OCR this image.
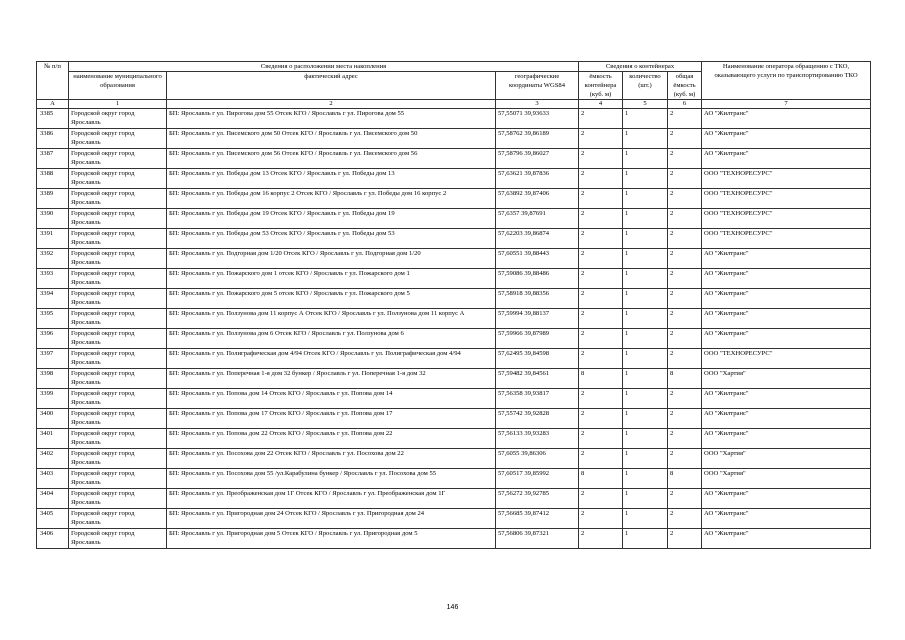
№ п/п	Сведения о расположении места накопления			Сведения о контейнерах			Наименование оператора обращению с ТКО, оказывающего услуги по транспортированию ТКО
	наименование муниципального образования	фактический адрес	географические координаты WGS84	ёмкость контейнера (куб. м)	количество (шт.)	общая ёмкость (куб. м)	
А	1	2	3	4	5	6	7
3385	Городской округ город Ярославль	БП: Ярославль г ул. Пирогова дом 55 Отсек КГО / Ярославль г ул. Пирогова дом 55	57,55071 39,93633	2	1	2	АО "Жилтранс"
3386	Городской округ город Ярославль	БП: Ярославль г ул. Писемского дом 50 Отсек КГО / Ярославль г ул. Писемского дом 50	57,58762 39,86189	2	1	2	АО "Жилтранс"
3387	Городской округ город Ярославль	БП: Ярославль г ул. Писемского дом 56 Отсек КГО / Ярославль г ул. Писемского дом 56	57,58796 39,86027	2	1	2	АО "Жилтранс"
3388	Городской округ город Ярославль	БП: Ярославль г ул. Победы дом 13 Отсек КГО / Ярославль г ул. Победы дом 13	57,63621 39,87836	2	1	2	ООО "ТЕХНОРЕСУРС"
3389	Городской округ город Ярославль	БП: Ярославль г ул. Победы дом 16 корпус 2 Отсек КГО / Ярославль г ул. Победы дом 16 корпус 2	57,63892 39,87406	2	1	2	ООО "ТЕХНОРЕСУРС"
3390	Городской округ город Ярославль	БП: Ярославль г ул. Победы дом 19 Отсек КГО / Ярославль г ул. Победы дом 19	57,6357 39,87691	2	1	2	ООО "ТЕХНОРЕСУРС"
3391	Городской округ город Ярославль	БП: Ярославль г ул. Победы дом 53 Отсек КГО / Ярославль г ул. Победы дом 53	57,62203 39,86874	2	1	2	ООО "ТЕХНОРЕСУРС"
3392	Городской округ город Ярославль	БП: Ярославль г ул. Подгорная дом 1/20 Отсек КГО / Ярославль г ул. Подгорная дом 1/20	57,60551 39,88443	2	1	2	АО "Жилтранс"
3393	Городской округ город Ярославль	БП: Ярославль г ул. Пожарского дом 1 отсек КГО / Ярославль г ул. Пожарского дом 1	57,59086 39,88486	2	1	2	АО "Жилтранс"
3394	Городской округ город Ярославль	БП: Ярославль г ул. Пожарского дом 5 отсек КГО / Ярославль г ул. Пожарского дом 5	57,58918 39,88356	2	1	2	АО "Жилтранс"
3395	Городской округ город Ярославль	БП: Ярославль г ул. Ползунова дом 11 корпус А Отсек КГО / Ярославль г ул. Ползунова дом 11 корпус А	57,59994 39,88137	2	1	2	АО "Жилтранс"
3396	Городской округ город Ярославль	БП: Ярославль г ул. Ползунова дом 6 Отсек КГО / Ярославль г ул. Ползунова дом 6	57,59966 39,87989	2	1	2	АО "Жилтранс"
3397	Городской округ город Ярославль	БП: Ярославль г ул. Полиграфическая дом 4/94 Отсек КГО / Ярославль г ул. Полиграфическая дом 4/94	57,62495 39,84598	2	1	2	ООО "ТЕХНОРЕСУРС"
3398	Городской округ город Ярославль	БП: Ярославль г ул. Поперечная 1-я дом 32 бункер / Ярославль г ул. Поперечная 1-я дом 32	57,59482 39,84561	8	1	8	ООО "Хартия"
3399	Городской округ город Ярославль	БП: Ярославль г ул. Попова дом 14 Отсек КГО / Ярославль г ул. Попова дом 14	57,56358 39,93817	2	1	2	АО "Жилтранс"
3400	Городской округ город Ярославль	БП: Ярославль г ул. Попова дом 17 Отсек КГО / Ярославль г ул. Попова дом 17	57,55742 39,92828	2	1	2	АО "Жилтранс"
3401	Городской округ город Ярославль	БП: Ярославль г ул. Попова дом 22 Отсек КГО / Ярославль г ул. Попова дом 22	57,56133 39,93283	2	1	2	АО "Жилтранс"
3402	Городской округ город Ярославль	БП: Ярославль г ул. Посохова дом 22 Отсек КГО / Ярославль г ул. Посохова дом 22	57,6055 39,86306	2	1	2	ООО "Хартия"
3403	Городской округ город Ярославль	БП: Ярославль г ул. Посохова дом 55 /ул.Карабулина бункер / Ярославль г ул. Посохова дом 55	57,60517 39,85992	8	1	8	ООО "Хартия"
3404	Городской округ город Ярославль	БП: Ярославль г ул. Преображенская дом 1Г Отсек КГО / Ярославль г ул. Преображенская дом 1Г	57,56272 39,92785	2	1	2	АО "Жилтранс"
3405	Городской округ город Ярославль	БП: Ярославль г ул. Пригородная дом 24 Отсек КГО / Ярославль г ул. Пригородная дом 24	57,56685 39,87412	2	1	2	АО "Жилтранс"
3406	Городской округ город Ярославль	БП: Ярославль г ул. Пригородная дом 5 Отсек КГО / Ярославль г ул. Пригородная дом 5	57,56806 39,87321	2	1	2	АО "Жилтранс"
146
